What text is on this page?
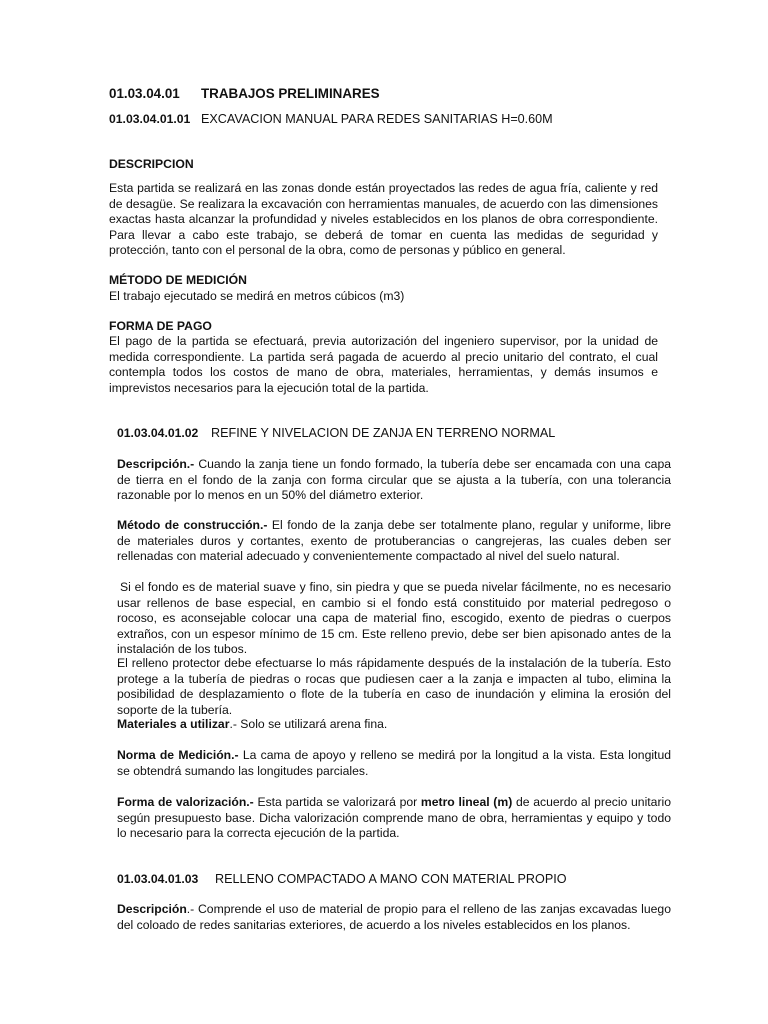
01.03.04.01 TRABAJOS PRELIMINARES
01.03.04.01.01 EXCAVACION MANUAL PARA REDES SANITARIAS H=0.60M
DESCRIPCION

Esta partida se realizará en las zonas donde están proyectados las redes de agua fría, caliente y red de desagüe. Se realizara la excavación con herramientas manuales, de acuerdo con las dimensiones exactas hasta alcanzar la profundidad y niveles establecidos en los planos de obra correspondiente. Para llevar a cabo este trabajo, se deberá de tomar en cuenta las medidas de seguridad y protección, tanto con el personal de la obra, como de personas y público en general.

MÉTODO DE MEDICIÓN

El trabajo ejecutado se medirá en metros cúbicos (m3)

FORMA DE PAGO

El pago de la partida se efectuará, previa autorización del ingeniero supervisor, por la unidad de medida correspondiente. La partida será pagada de acuerdo al precio unitario del contrato, el cual contempla todos los costos de mano de obra, materiales, herramientas, y demás insumos e imprevistos necesarios para la ejecución total de la partida.

01.03.04.01.02 REFINE Y NIVELACION DE ZANJA EN TERRENO NORMAL

Descripción.- Cuando la zanja tiene un fondo formado, la tubería debe ser encamada con una capa de tierra en el fondo de la zanja con forma circular que se ajusta a la tubería, con una tolerancia razonable por lo menos en un 50% del diámetro exterior.

Método de construcción.- El fondo de la zanja debe ser totalmente plano, regular y uniforme, libre de materiales duros y cortantes, exento de protuberancias o cangrejeras, las cuales deben ser rellenadas con material adecuado y convenientemente compactado al nivel del suelo natural.

Si el fondo es de material suave y fino, sin piedra y que se pueda nivelar fácilmente, no es necesario usar rellenos de base especial, en cambio si el fondo está constituido por material pedregoso o rocoso, es aconsejable colocar una capa de material fino, escogido, exento de piedras o cuerpos extraños, con un espesor mínimo de 15 cm. Este relleno previo, debe ser bien apisonado antes de la instalación de los tubos.

El relleno protector debe efectuarse lo más rápidamente después de la instalación de la tubería. Esto protege a la tubería de piedras o rocas que pudiesen caer a la zanja e impacten al tubo, elimina la posibilidad de desplazamiento o flote de la tubería en caso de inundación y elimina la erosión del soporte de la tubería.

Materiales a utilizar.- Solo se utilizará arena fina.

Norma de Medición.- La cama de apoyo y relleno se medirá por la longitud a la vista. Esta longitud se obtendrá sumando las longitudes parciales.

Forma de valorización.- Esta partida se valorizará por metro lineal (m) de acuerdo al precio unitario según presupuesto base. Dicha valorización comprende mano de obra, herramientas y equipo y todo lo necesario para la correcta ejecución de la partida.

01.03.04.01.03 RELLENO COMPACTADO A MANO CON MATERIAL PROPIO

Descripción.- Comprende el uso de material de propio para el relleno de las zanjas excavadas luego del coloado de redes sanitarias exteriores, de acuerdo a los niveles establecidos en los planos.
